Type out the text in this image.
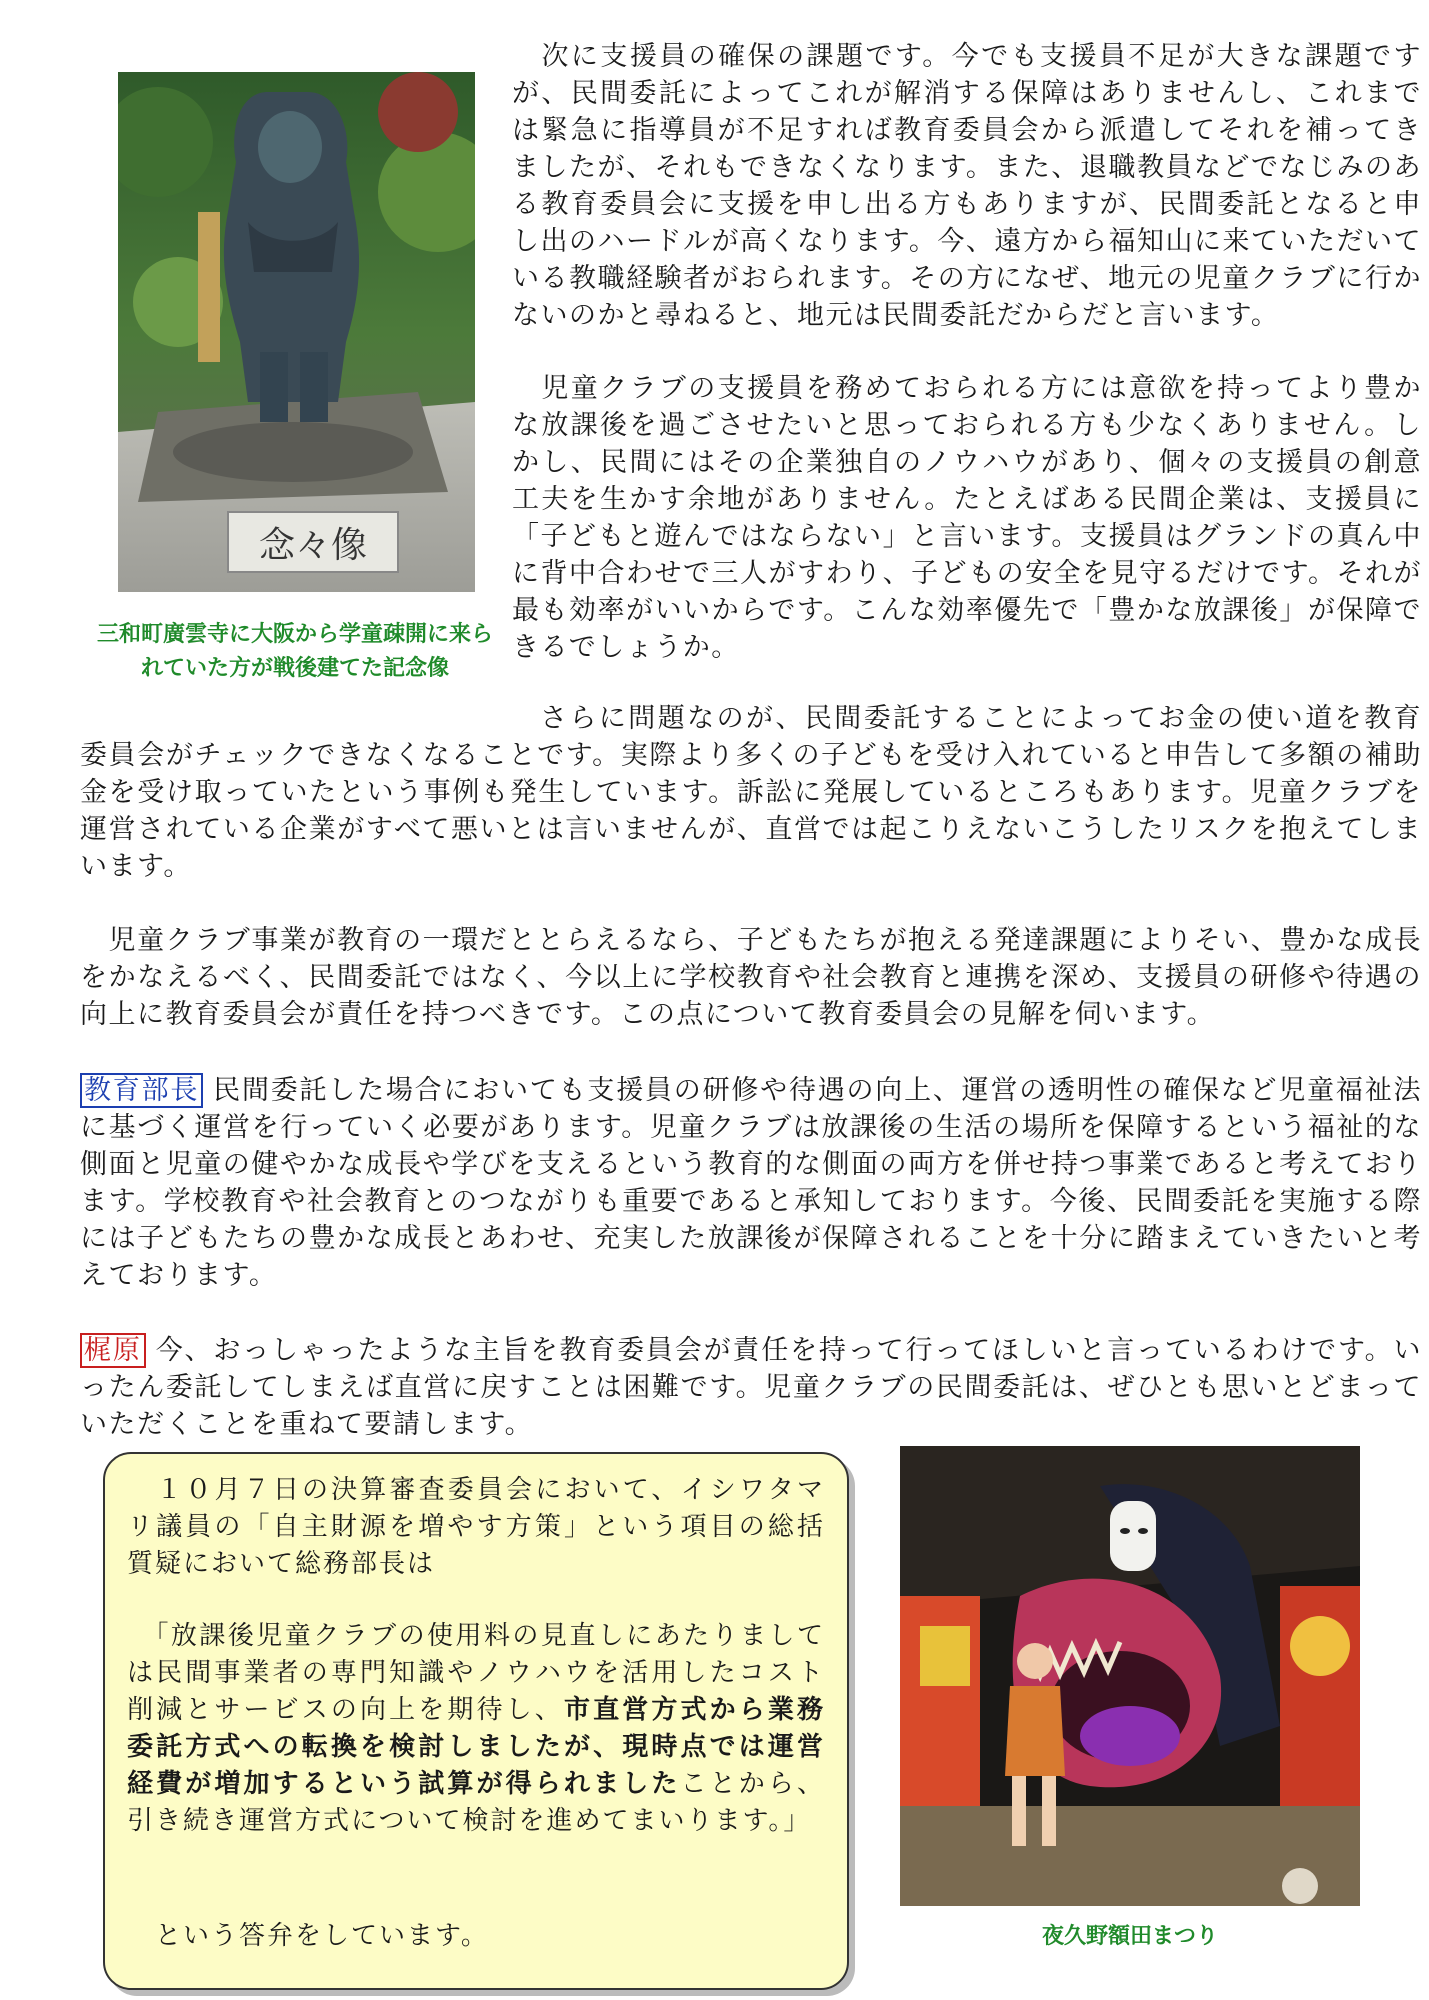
念々像

三和町廣雲寺に大阪から学童疎開に来られていた方が戦後建てた記念像

　次に支援員の確保の課題です。今でも支援員不足が大きな課題ですが、民間委託によってこれが解消する保障はありませんし、これまでは緊急に指導員が不足すれば教育委員会から派遣してそれを補ってきましたが、それもできなくなります。また、退職教員などでなじみのある教育委員会に支援を申し出る方もありますが、民間委託となると申し出のハードルが高くなります。今、遠方から福知山に来ていただいている教職経験者がおられます。その方になぜ、地元の児童クラブに行かないのかと尋ねると、地元は民間委託だからだと言います。

　児童クラブの支援員を務めておられる方には意欲を持ってより豊かな放課後を過ごさせたいと思っておられる方も少なくありません。しかし、民間にはその企業独自のノウハウがあり、個々の支援員の創意工夫を生かす余地がありません。たとえばある民間企業は、支援員に「子どもと遊んではならない」と言います。支援員はグランドの真ん中に背中合わせで三人がすわり、子どもの安全を見守るだけです。それが最も効率がいいからです。こんな効率優先で「豊かな放課後」が保障できるでしょうか。

さらに問題なのが、民間委託することによってお金の使い道を教育委員会がチェックできなくなることです。実際より多くの子どもを受け入れていると申告して多額の補助金を受け取っていたという事例も発生しています。訴訟に発展しているところもあります。児童クラブを運営されている企業がすべて悪いとは言いませんが、直営では起こりえないこうしたリスクを抱えてしまいます。

　児童クラブ事業が教育の一環だととらえるなら、子どもたちが抱える発達課題によりそい、豊かな成長をかなえるべく、民間委託ではなく、今以上に学校教育や社会教育と連携を深め、支援員の研修や待遇の向上に教育委員会が責任を持つべきです。この点について教育委員会の見解を伺います。

教育部長 民間委託した場合においても支援員の研修や待遇の向上、運営の透明性の確保など児童福祉法に基づく運営を行っていく必要があります。児童クラブは放課後の生活の場所を保障するという福祉的な側面と児童の健やかな成長や学びを支えるという教育的な側面の両方を併せ持つ事業であると考えております。学校教育や社会教育とのつながりも重要であると承知しております。今後、民間委託を実施する際には子どもたちの豊かな成長とあわせ、充実した放課後が保障されることを十分に踏まえていきたいと考えております。

梶原 今、おっしゃったような主旨を教育委員会が責任を持って行ってほしいと言っているわけです。いったん委託してしまえば直営に戻すことは困難です。児童クラブの民間委託は、ぜひとも思いとどまっていただくことを重ねて要請します。

　１０月７日の決算審査委員会において、イシワタマリ議員の「自主財源を増やす方策」という項目の総括質疑において総務部長は

　「放課後児童クラブの使用料の見直しにあたりましては民間事業者の専門知識やノウハウを活用したコスト削減とサービスの向上を期待し、市直営方式から業務委託方式への転換を検討しましたが、現時点では運営経費が増加するという試算が得られましたことから、引き続き運営方式について検討を進めてまいります。」

　という答弁をしています。	夜久野額田まつり
